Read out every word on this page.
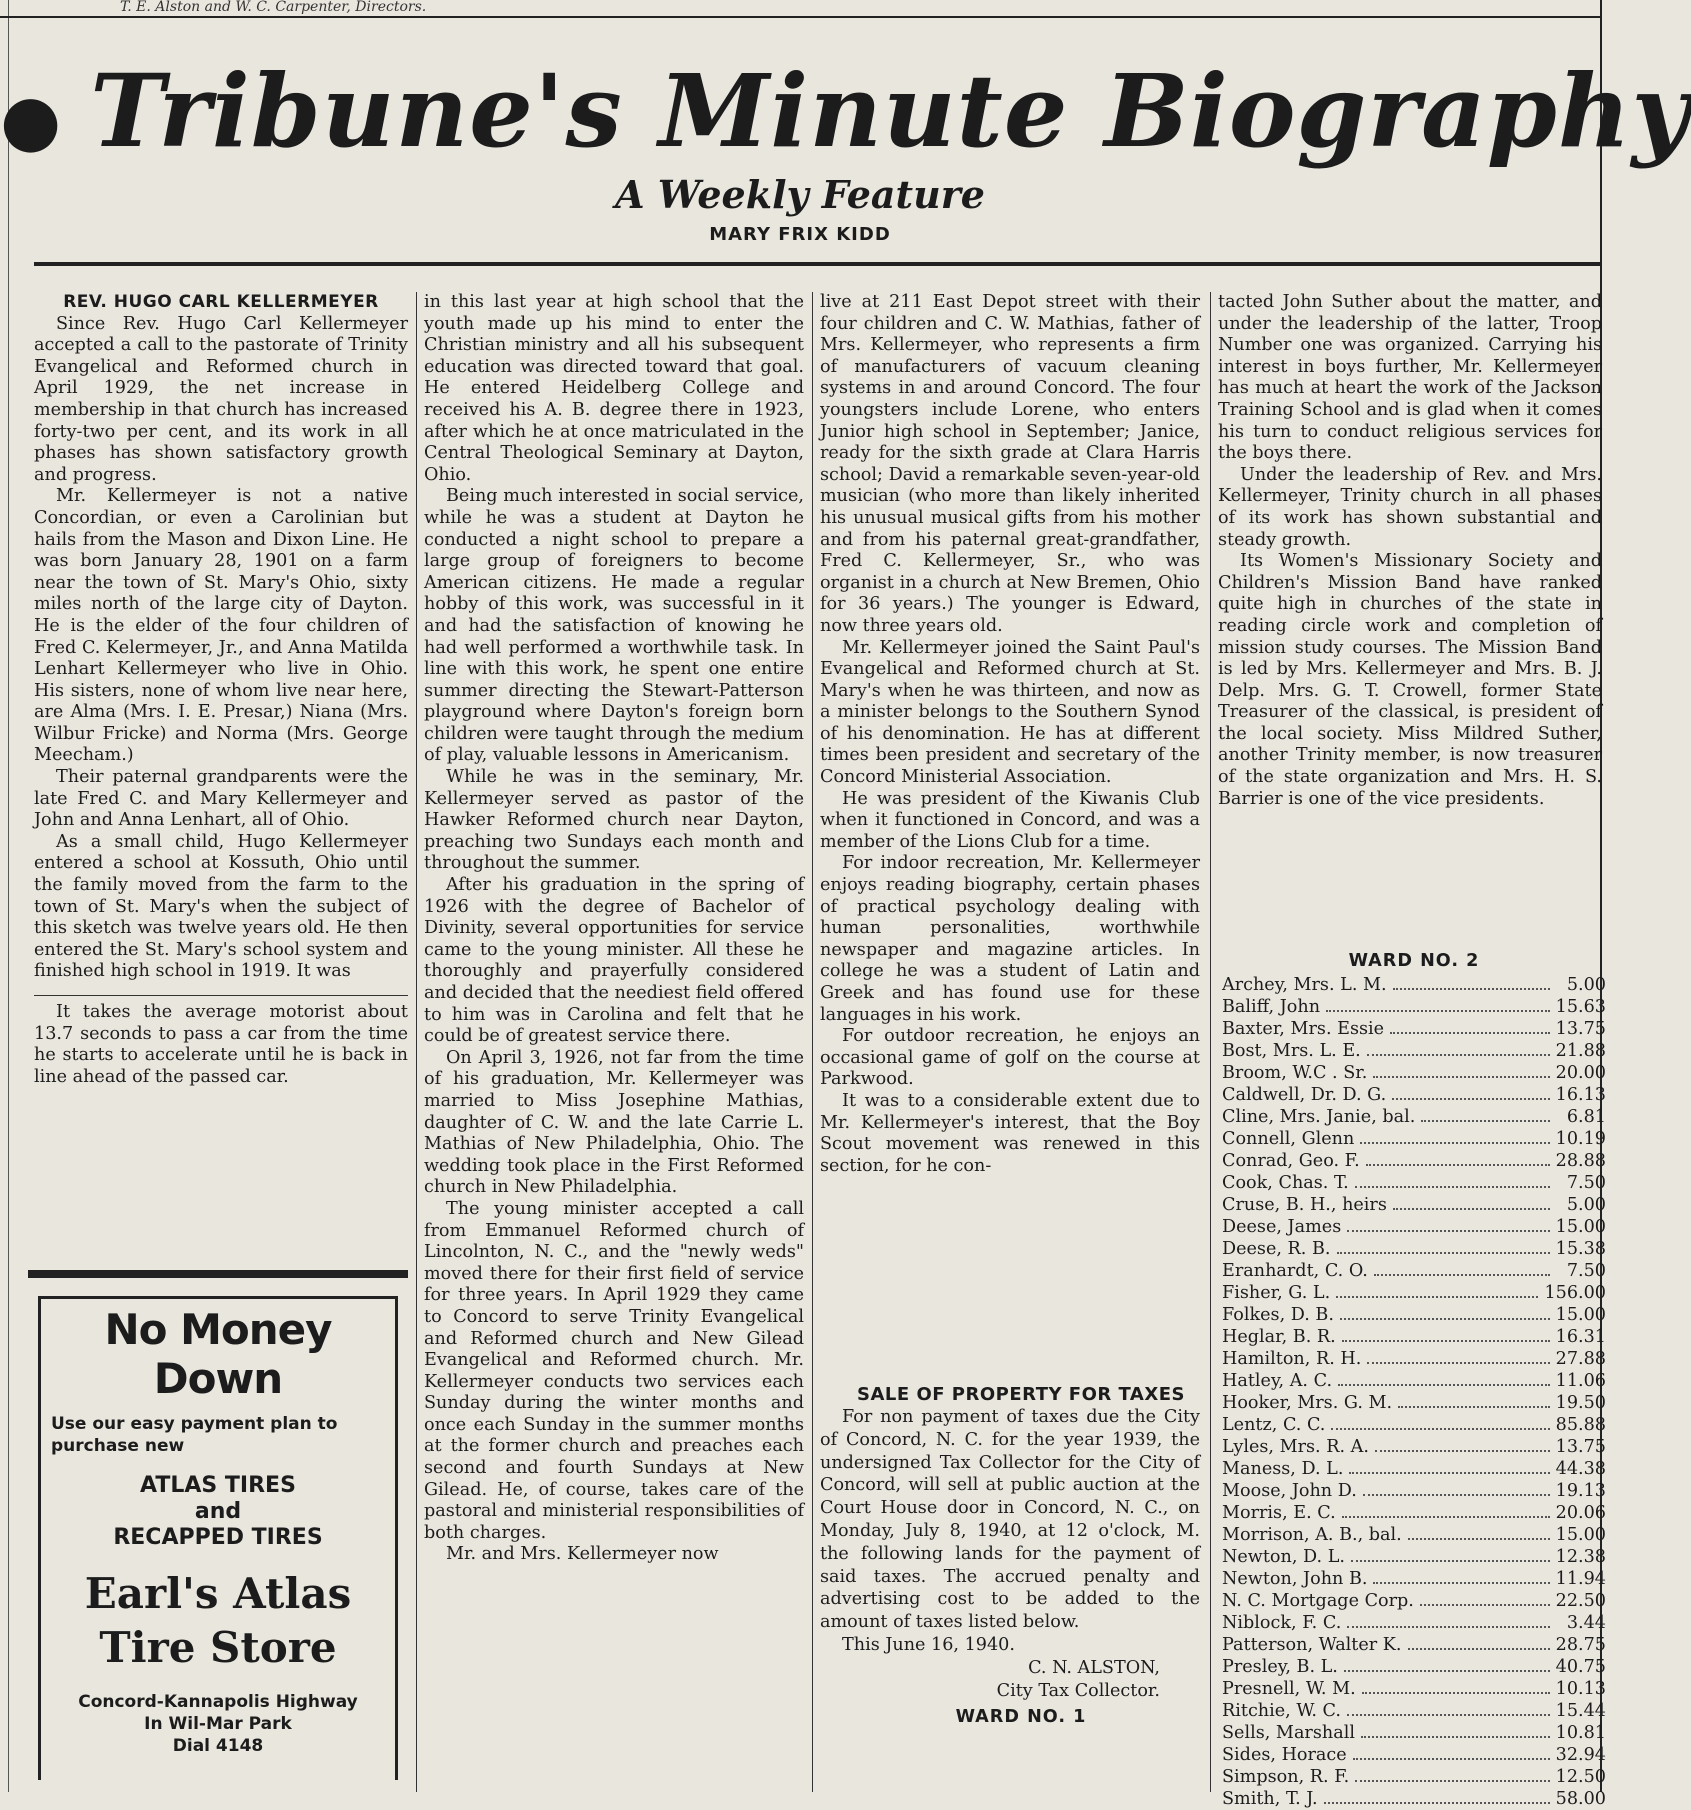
T. E. Alston and W. C. Carpenter, Directors.
● Tribune's Minute Biography
A Weekly Feature
MARY FRIX KIDD

REV. HUGO CARL KELLERMEYER

Since Rev. Hugo Carl Kellermeyer accepted a call to the pastorate of Trinity Evangelical and Reformed church in April 1929, the net increase in membership in that church has increased forty-two per cent, and its work in all phases has shown satisfactory growth and progress.

Mr. Kellermeyer is not a native Concordian, or even a Carolinian but hails from the Mason and Dixon Line. He was born January 28, 1901 on a farm near the town of St. Mary's Ohio, sixty miles north of the large city of Dayton. He is the elder of the four children of Fred C. Kelermeyer, Jr., and Anna Matilda Lenhart Kellermeyer who live in Ohio. His sisters, none of whom live near here, are Alma (Mrs. I. E. Presar,) Niana (Mrs. Wilbur Fricke) and Norma (Mrs. George Meecham.)

Their paternal grandparents were the late Fred C. and Mary Kellermeyer and John and Anna Lenhart, all of Ohio.

As a small child, Hugo Kellermeyer entered a school at Kossuth, Ohio until the family moved from the farm to the town of St. Mary's when the subject of this sketch was twelve years old. He then entered the St. Mary's school system and finished high school in 1919. It was

It takes the average motorist about 13.7 seconds to pass a car from the time he starts to accelerate until he is back in line ahead of the passed car.

No Money Down
Use our easy payment plan to purchase new
ATLAS TIRES
and
RECAPPED TIRES
Earl's Atlas
Tire Store
Concord-Kannapolis Highway
In Wil-Mar Park
Dial 4148

in this last year at high school that the youth made up his mind to enter the Christian ministry and all his subsequent education was directed toward that goal. He entered Heidelberg College and received his A. B. degree there in 1923, after which he at once matriculated in the Central Theological Seminary at Dayton, Ohio.

Being much interested in social service, while he was a student at Dayton he conducted a night school to prepare a large group of foreigners to become American citizens. He made a regular hobby of this work, was successful in it and had the satisfaction of knowing he had well performed a worthwhile task. In line with this work, he spent one entire summer directing the Stewart-Patterson playground where Dayton's foreign born children were taught through the medium of play, valuable lessons in Americanism.

While he was in the seminary, Mr. Kellermeyer served as pastor of the Hawker Reformed church near Dayton, preaching two Sundays each month and throughout the summer.

After his graduation in the spring of 1926 with the degree of Bachelor of Divinity, several opportunities for service came to the young minister. All these he thoroughly and prayerfully considered and decided that the neediest field offered to him was in Carolina and felt that he could be of greatest service there.

On April 3, 1926, not far from the time of his graduation, Mr. Kellermeyer was married to Miss Josephine Mathias, daughter of C. W. and the late Carrie L. Mathias of New Philadelphia, Ohio. The wedding took place in the First Reformed church in New Philadelphia.

The young minister accepted a call from Emmanuel Reformed church of Lincolnton, N. C., and the "newly weds" moved there for their first field of service for three years. In April 1929 they came to Concord to serve Trinity Evangelical and Reformed church and New Gilead Evangelical and Reformed church. Mr. Kellermeyer conducts two services each Sunday during the winter months and once each Sunday in the summer months at the former church and preaches each second and fourth Sundays at New Gilead. He, of course, takes care of the pastoral and ministerial responsibilities of both charges.

Mr. and Mrs. Kellermeyer now

live at 211 East Depot street with their four children and C. W. Mathias, father of Mrs. Kellermeyer, who represents a firm of manufacturers of vacuum cleaning systems in and around Concord. The four youngsters include Lorene, who enters Junior high school in September; Janice, ready for the sixth grade at Clara Harris school; David a remarkable seven-year-old musician (who more than likely inherited his unusual musical gifts from his mother and from his paternal great-grandfather, Fred C. Kellermeyer, Sr., who was organist in a church at New Bremen, Ohio for 36 years.) The younger is Edward, now three years old.

Mr. Kellermeyer joined the Saint Paul's Evangelical and Reformed church at St. Mary's when he was thirteen, and now as a minister belongs to the Southern Synod of his denomination. He has at different times been president and secretary of the Concord Ministerial Association.

He was president of the Kiwanis Club when it functioned in Concord, and was a member of the Lions Club for a time.

For indoor recreation, Mr. Kellermeyer enjoys reading biography, certain phases of practical psychology dealing with human personalities, worthwhile newspaper and magazine articles. In college he was a student of Latin and Greek and has found use for these languages in his work.

For outdoor recreation, he enjoys an occasional game of golf on the course at Parkwood.

It was to a considerable extent due to Mr. Kellermeyer's interest, that the Boy Scout movement was renewed in this section, for he con-

SALE OF PROPERTY FOR TAXES

For non payment of taxes due the City of Concord, N. C. for the year 1939, the undersigned Tax Collector for the City of Concord, will sell at public auction at the Court House door in Concord, N. C., on Monday, July 8, 1940, at 12 o'clock, M. the following lands for the payment of said taxes. The accrued penalty and advertising cost to be added to the amount of taxes listed below.

This June 16, 1940.

C. N. ALSTON,

City Tax Collector.

WARD NO. 1

tacted John Suther about the matter, and under the leadership of the latter, Troop Number one was organized. Carrying his interest in boys further, Mr. Kellermeyer has much at heart the work of the Jackson Training School and is glad when it comes his turn to conduct religious services for the boys there.

Under the leadership of Rev. and Mrs. Kellermeyer, Trinity church in all phases of its work has shown substantial and steady growth.

Its Women's Missionary Society and Children's Mission Band have ranked quite high in churches of the state in reading circle work and completion of mission study courses. The Mission Band is led by Mrs. Kellermeyer and Mrs. B. J. Delp. Mrs. G. T. Crowell, former State Treasurer of the classical, is president of the local society. Miss Mildred Suther, another Trinity member, is now treasurer of the state organization and Mrs. H. S. Barrier is one of the vice presidents.

WARD NO. 2
Archey, Mrs. L. M.	5.00
Baliff, John	15.63
Baxter, Mrs. Essie	13.75
Bost, Mrs. L. E.	21.88
Broom, W.C . Sr.	20.00
Caldwell, Dr. D. G.	16.13
Cline, Mrs. Janie, bal.	6.81
Connell, Glenn	10.19
Conrad, Geo. F.	28.88
Cook, Chas. T.	7.50
Cruse, B. H., heirs	5.00
Deese, James	15.00
Deese, R. B.	15.38
Eranhardt, C. O.	7.50
Fisher, G. L.	156.00
Folkes, D. B.	15.00
Heglar, B. R.	16.31
Hamilton, R. H.	27.88
Hatley, A. C.	11.06
Hooker, Mrs. G. M.	19.50
Lentz, C. C.	85.88
Lyles, Mrs. R. A.	13.75
Maness, D. L.	44.38
Moose, John D.	19.13
Morris, E. C.	20.06
Morrison, A. B., bal.	15.00
Newton, D. L.	12.38
Newton, John B.	11.94
N. C. Mortgage Corp.	22.50
Niblock, F. C.	3.44
Patterson, Walter K.	28.75
Presley, B. L.	40.75
Presnell, W. M.	10.13
Ritchie, W. C.	15.44
Sells, Marshall	10.81
Sides, Horace	32.94
Simpson, R. F.	12.50
Smith, T. J.	58.00
